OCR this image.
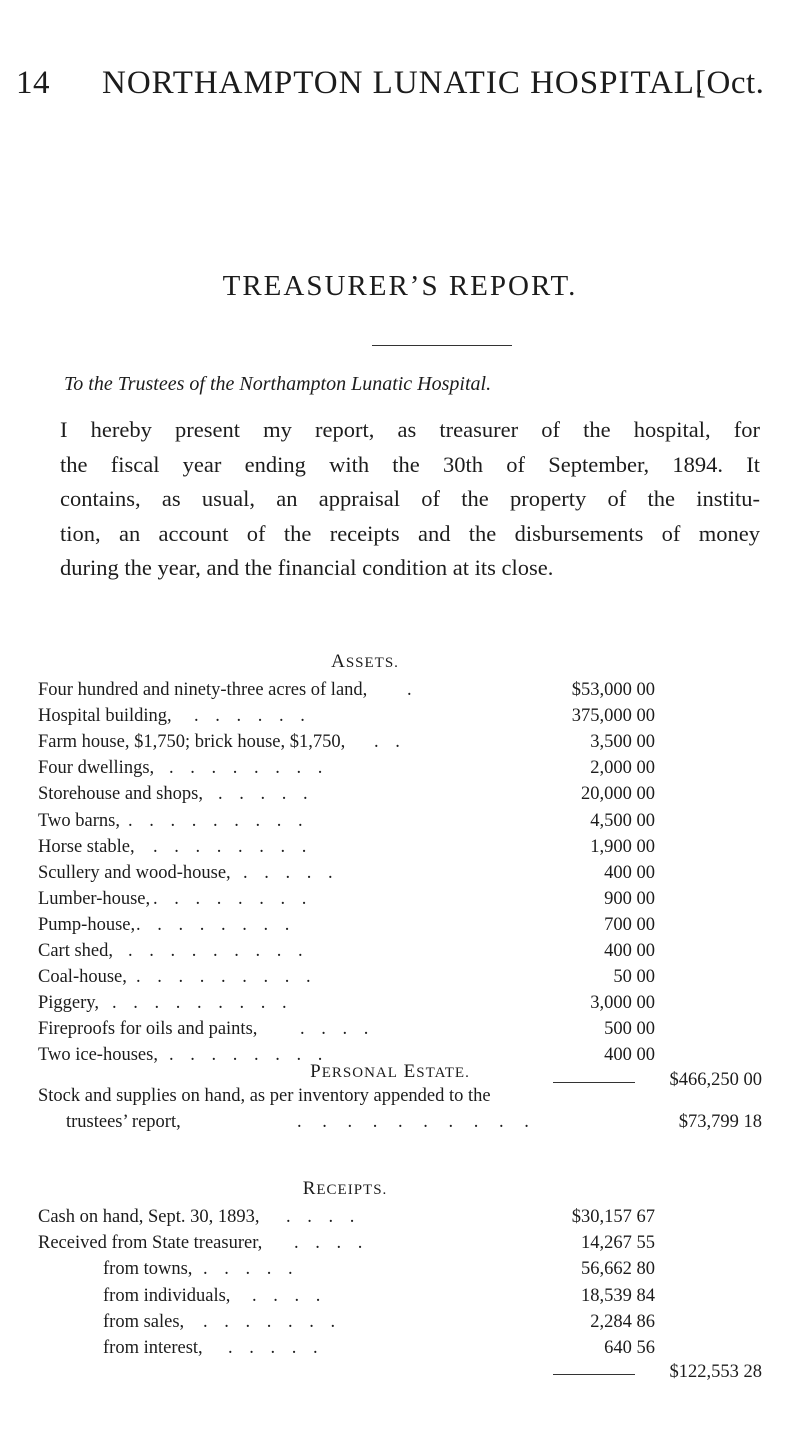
14 NORTHAMPTON LUNATIC HOSPITAL.
[Oct.
TREASURER’S REPORT.
To the Trustees of the Northampton Lunatic Hospital.
I hereby present my report, as treasurer of the hospital, for
the fiscal year ending with the 30th of September, 1894. It
contains, as usual, an appraisal of the property of the institu-
tion, an account of the receipts and the disbursements of money
during the year, and the financial condition at its close.
ASSETS.
Four hundred and ninety-three acres of land, .	$53,000 00
Hospital building, . . . . . .	375,000 00
Farm house, $1,750; brick house, $1,750, . .	3,500 00
Four dwellings, . . . . . . . .	2,000 00
Storehouse and shops, . . . . .	20,000 00
Two barns, . . . . . . . . .	4,500 00
Horse stable, . . . . . . . .	1,900 00
Scullery and wood-house, . . . . .	400 00
Lumber-house, . . . . . . . .	900 00
Pump-house, . . . . . . . .	700 00
Cart shed, . . . . . . . . .	400 00
Coal-house, . . . . . . . . .	50 00
Piggery, . . . . . . . . .	3,000 00
Fireproofs for oils and paints, . . . .	500 00
Two ice-houses, . . . . . . . .	400 00
$466,250 00
PERSONAL ESTATE.
Stock and supplies on hand, as per inventory appended to the
trustees’ report,	. . . . . . . . . .	$73,799 18
RECEIPTS.
Cash on hand, Sept. 30, 1893, . . . .	$30,157 67
Received from State treasurer, . . . .	14,267 55
from towns, . . . . .	56,662 80
from individuals, . . . .	18,539 84
from sales, . . . . . . .	2,284 86
from interest, . . . . .	640 56
$122,553 28
